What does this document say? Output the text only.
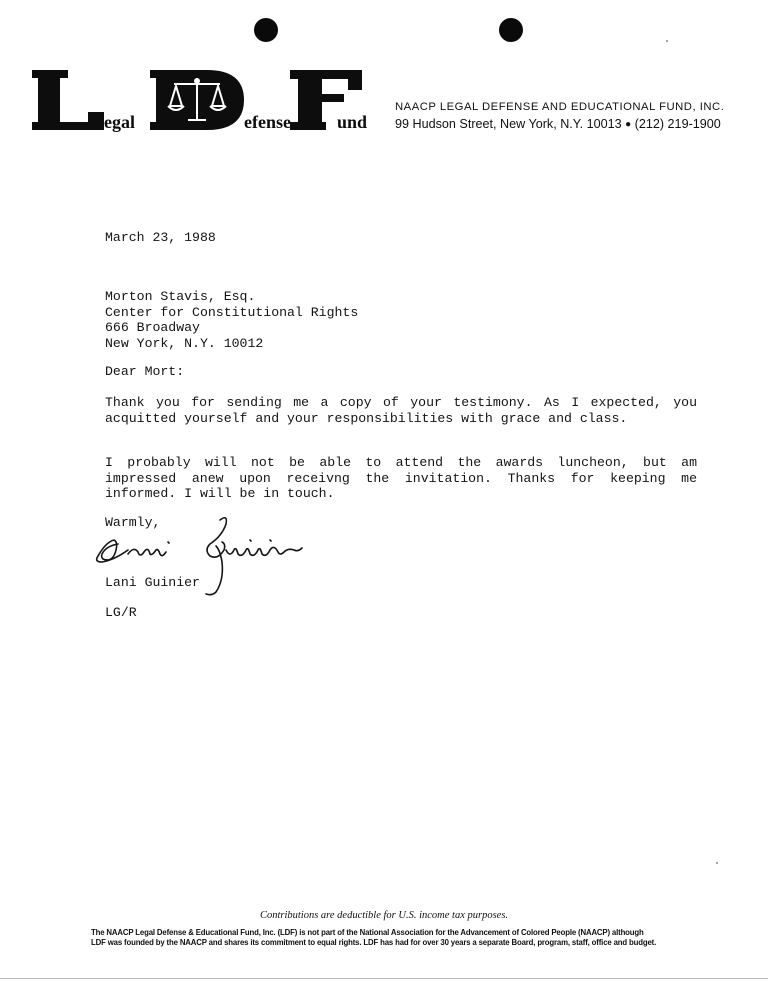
egal	efense	und
NAACP LEGAL DEFENSE AND EDUCATIONAL FUND, INC.
99 Hudson Street, New York, N.Y. 10013 ● (212) 219-1900
March 23, 1988
Morton Stavis, Esq.
Center for Constitutional Rights
666 Broadway
New York, N.Y. 10012
Dear Mort:
Thank you for sending me a copy of your testimony. As I expected, you acquitted yourself and your responsibilities with grace and class.
I probably will not be able to attend the awards luncheon, but am impressed anew upon receivng the invitation. Thanks for keeping me informed. I will be in touch.
Warmly,
Lani Guinier
LG/R
Contributions are deductible for U.S. income tax purposes.
The NAACP Legal Defense & Educational Fund, Inc. (LDF) is not part of the National Association for the Advancement of Colored People (NAACP) although
LDF was founded by the NAACP and shares its commitment to equal rights. LDF has had for over 30 years a separate Board, program, staff, office and budget.
